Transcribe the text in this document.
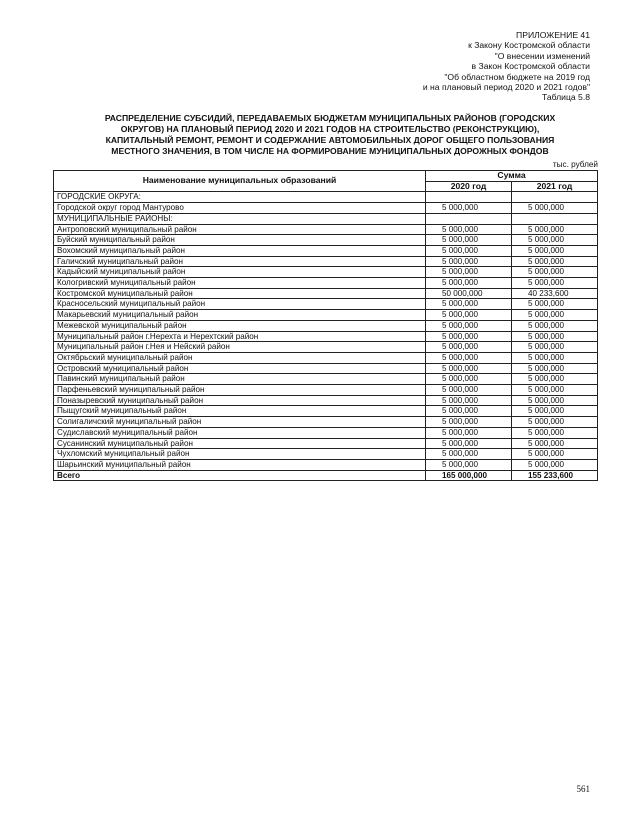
ПРИЛОЖЕНИЕ 41
к Закону Костромской области
"О внесении изменений
в Закон Костромской области
"Об областном бюджете на 2019 год
и на плановый период 2020 и 2021 годов"
Таблица 5.8
РАСПРЕДЕЛЕНИЕ СУБСИДИЙ, ПЕРЕДАВАЕМЫХ БЮДЖЕТАМ МУНИЦИПАЛЬНЫХ РАЙОНОВ (ГОРОДСКИХ
ОКРУГОВ) НА ПЛАНОВЫЙ ПЕРИОД 2020 И 2021 ГОДОВ НА СТРОИТЕЛЬСТВО (РЕКОНСТРУКЦИЮ),
КАПИТАЛЬНЫЙ РЕМОНТ, РЕМОНТ И СОДЕРЖАНИЕ АВТОМОБИЛЬНЫХ ДОРОГ ОБЩЕГО ПОЛЬЗОВАНИЯ
МЕСТНОГО ЗНАЧЕНИЯ, В ТОМ ЧИСЛЕ НА ФОРМИРОВАНИЕ МУНИЦИПАЛЬНЫХ ДОРОЖНЫХ ФОНДОВ
тыс. рублей
Наименование муниципальных образований	Сумма	
	2020 год	2021 год
ГОРОДСКИЕ ОКРУГА:		
Городской округ город Мантурово	5 000,000	5 000,000
МУНИЦИПАЛЬНЫЕ РАЙОНЫ:		
Антроповский муниципальный район	5 000,000	5 000,000
Буйский муниципальный район	5 000,000	5 000,000
Вохомский муниципальный район	5 000,000	5 000,000
Галичский муниципальный район	5 000,000	5 000,000
Кадыйский муниципальный район	5 000,000	5 000,000
Кологривский муниципальный район	5 000,000	5 000,000
Костромской муниципальный район	50 000,000	40 233,600
Красносельский муниципальный район	5 000,000	5 000,000
Макарьевский муниципальный район	5 000,000	5 000,000
Межевской муниципальный район	5 000,000	5 000,000
Муниципальный район г.Нерехта и Нерехтский район	5 000,000	5 000,000
Муниципальный район г.Нея и Нейский район	5 000,000	5 000,000
Октябрьский муниципальный район	5 000,000	5 000,000
Островский муниципальный район	5 000,000	5 000,000
Павинский муниципальный район	5 000,000	5 000,000
Парфеньевский муниципальный район	5 000,000	5 000,000
Поназыревский муниципальный район	5 000,000	5 000,000
Пыщугский муниципальный район	5 000,000	5 000,000
Солигаличский муниципальный район	5 000,000	5 000,000
Судиславский муниципальный район	5 000,000	5 000,000
Сусанинский муниципальный район	5 000,000	5 000,000
Чухломский муниципальный район	5 000,000	5 000,000
Шарьинский муниципальный район	5 000,000	5 000,000
Всего	165 000,000	155 233,600
561
